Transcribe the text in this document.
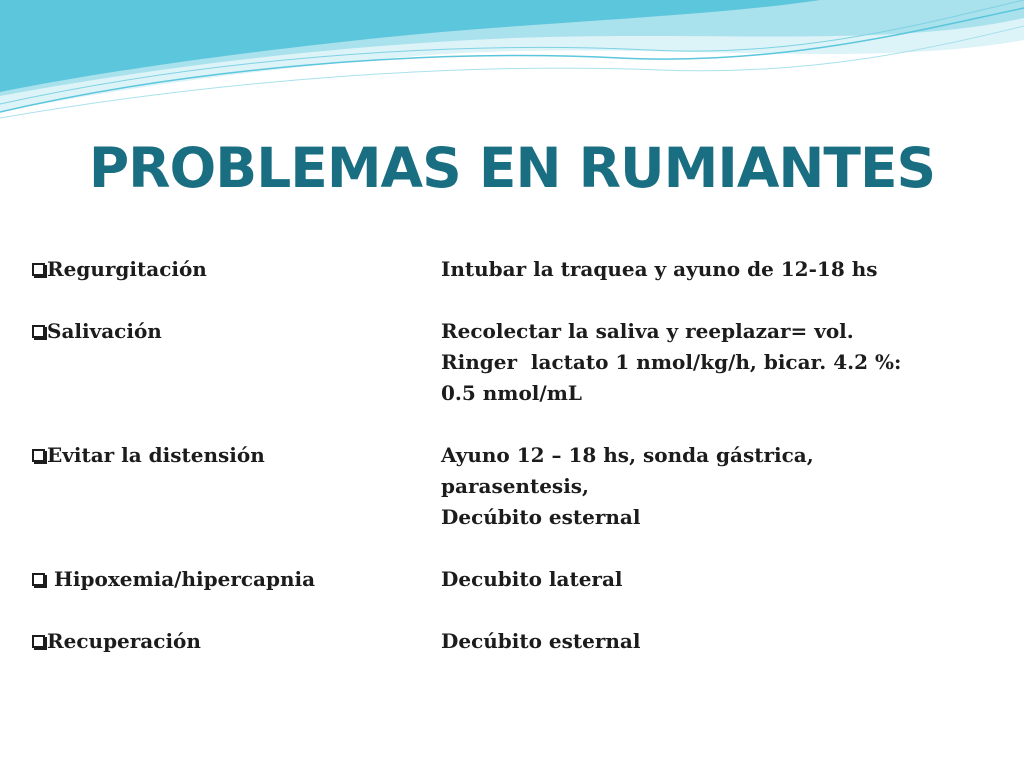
PROBLEMAS EN RUMIANTES
Regurgitación	Intubar la traquea y ayuno de 12-18 hs
Salivación	Recolectar la saliva y reeplazar= vol.
Ringer  lactato 1 nmol/kg/h, bicar. 4.2 %:
0.5 nmol/mL
Evitar la distensión	Ayuno 12 – 18 hs, sonda gástrica,
parasentesis,
Decúbito esternal
Hipoxemia/hipercapnia	Decubito lateral
Recuperación	Decúbito esternal
